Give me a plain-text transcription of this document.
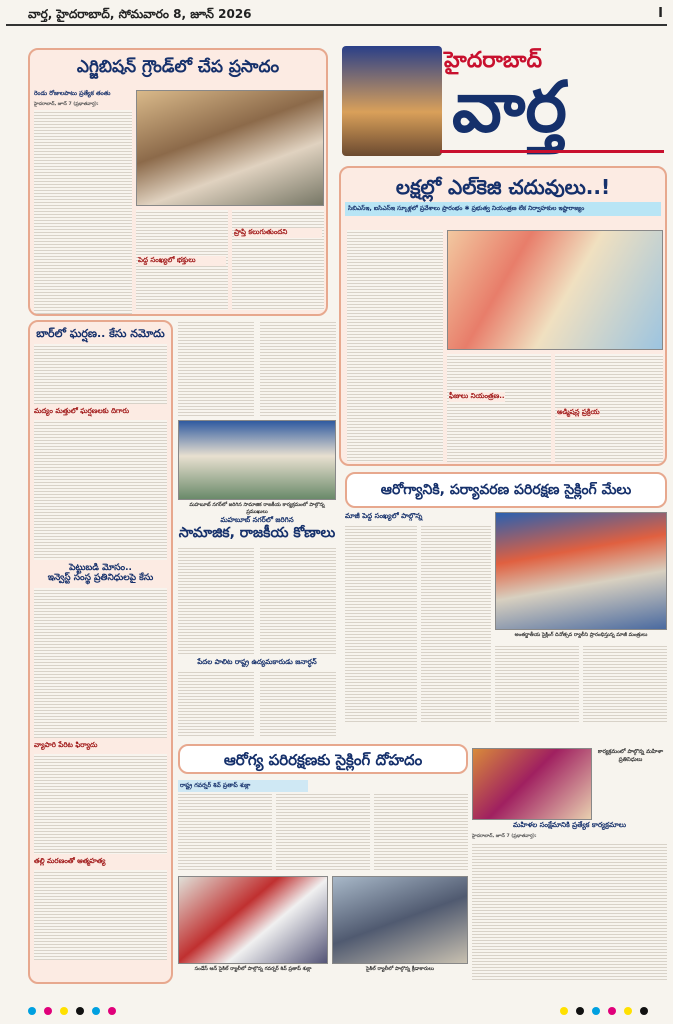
వార్త, హైదరాబాద్, సోమవారం 8, జూన్ 2026	I
ఎగ్జిబిషన్ గ్రౌండ్‌లో చేప ప్రసాదం
రెండు రోజులపాటు ప్రత్యేక తంతు
హైదరాబాద్, జూన్ 7 (ప్రభాతవార్త):
పెద్ద సంఖ్యలో భక్తులు
ప్రాప్తి కలుగుతుందని
హైదరాబాద్
వార్త
లక్షల్లో ఎల్‌కెజి చదువులు..!
సిబిఎస్ఇ, ఐసిఎస్ఇ స్కూళ్లలో ప్రవేశాలు ప్రారంభం ✱ ప్రభుత్వ నియంత్రణ లేక నిర్వాహకుల ఇష్టారాజ్యం
ఫీజులు నియంత్రణ..
అడ్మిషన్ల ప్రక్రియ
బార్‌లో ఘర్షణ.. కేసు నమోదు
మద్యం మత్తులో ఘర్షణలకు దిగారు
పెట్టుబడి మోసం..
ఇన్వెస్ట్ సంస్థ ప్రతినిధులపై కేసు
వ్యాపారి పేరిట ఫిర్యాదు
తల్లి మరణంతో ఆత్మహత్య
మహబూబ్ నగర్‌లో జరిగిన సామాజిక రాజకీయ కార్యక్రమంలో పాల్గొన్న ప్రముఖులు
మహబూబ్ నగర్‌లో జరిగిన
సామాజిక, రాజకీయ కోణాలు
పేదల పాలిట రాష్ట్ర ఉద్యమకారుడు జనార్ధన్
ఆరోగ్యానికి, పర్యావరణ పరిరక్షణ సైక్లింగ్ మేలు
మాజీ పెద్ద సంఖ్యలో పాల్గొన్న
అంతర్జాతీయ సైక్లింగ్ దినోత్సవ ర్యాలీని ప్రారంభిస్తున్న మాజీ మంత్రులు
ఆరోగ్య పరిరక్షణకు సైక్లింగ్ దోహదం
రాష్ట్ర గవర్నర్ శివ్ ప్రతాప్ శుక్లా
సండేస్ ఆన్ సైకిల్ ర్యాలీలో పాల్గొన్న గవర్నర్ శివ్ ప్రతాప్ శుక్లా	సైకిల్ ర్యాలీలో పాల్గొన్న క్రీడాకారులు
కార్యక్రమంలో పాల్గొన్న మహిళా ప్రతినిధులు
మహిళల సంక్షేమానికి ప్రత్యేక కార్యక్రమాలు
హైదరాబాద్, జూన్ 7 (ప్రభాతవార్త):
